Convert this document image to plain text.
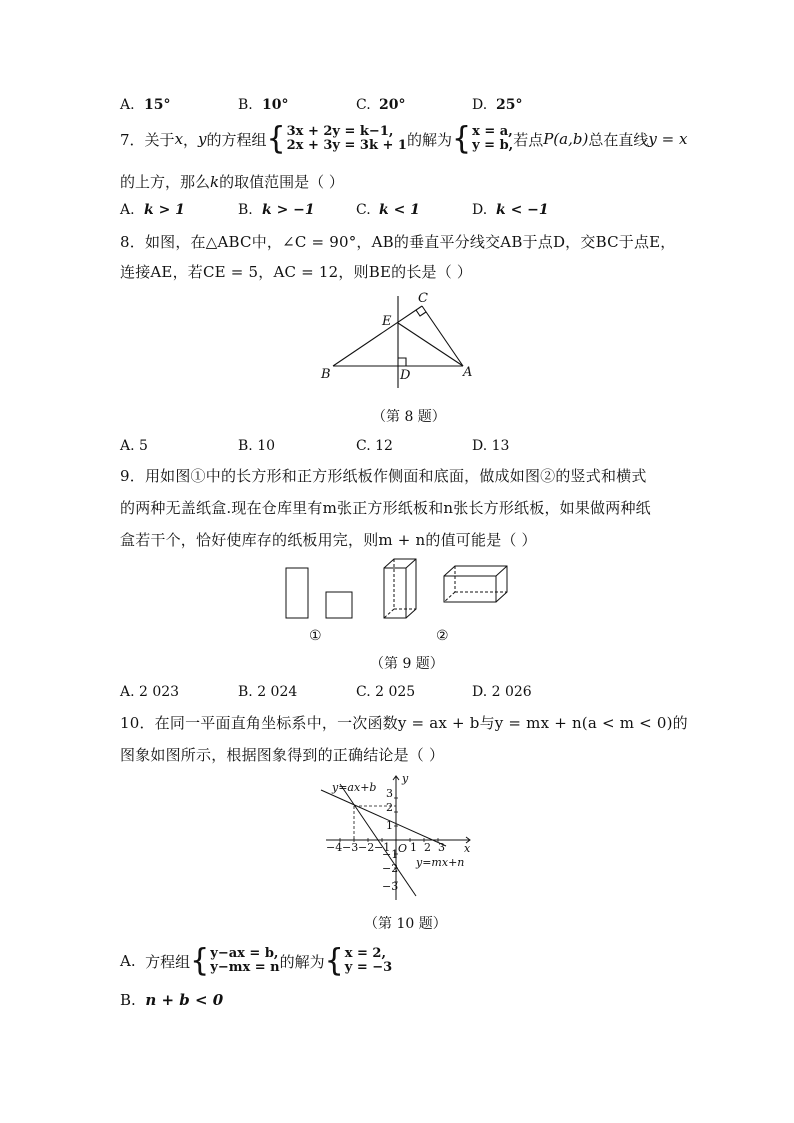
A. 15°	B. 10°	C. 20°	D. 25°
7． 关于 x ， y 的方程组 { 3x + 2y = k−1,
2x + 3y = 3k + 1 的解为 { x = a,
y = b, 若点 P(a,b) 总在直线 y = x
的上方，那么k的取值范围是（ ）
A. k > 1	B. k > −1	C. k < 1	D. k < −1
8．如图，在△ABC中，∠C = 90°，AB的垂直平分线交AB于点D，交BC于点E，
连接AE，若CE = 5，AC = 12，则BE的长是（ ）
C
E
B	D	A
（第 8 题）
A. 5	B. 10	C. 12	D. 13
9．用如图①中的长方形和正方形纸板作侧面和底面，做成如图②的竖式和横式
的两种无盖纸盒.现在仓库里有m张正方形纸板和n张长方形纸板，如果做两种纸
盒若干个，恰好使库存的纸板用完，则m + n的值可能是（ ）
①	②
（第 9 题）
A. 2 023	B. 2 024	C. 2 025	D. 2 026
10．在同一平面直角坐标系中，一次函数y = ax + b与y = mx + n(a < m < 0)的
图象如图所示，根据图象得到的正确结论是（ ）
y=ax+b
y=mx+n
y
x
O
3
2
1
−1
−2
−3
−4 −3 −2 −1 1 2 3
（第 10 题）
A.
方程组 { y−ax = b,
y−mx = n 的解为 { x = 2,
y = −3
B. n + b < 0
